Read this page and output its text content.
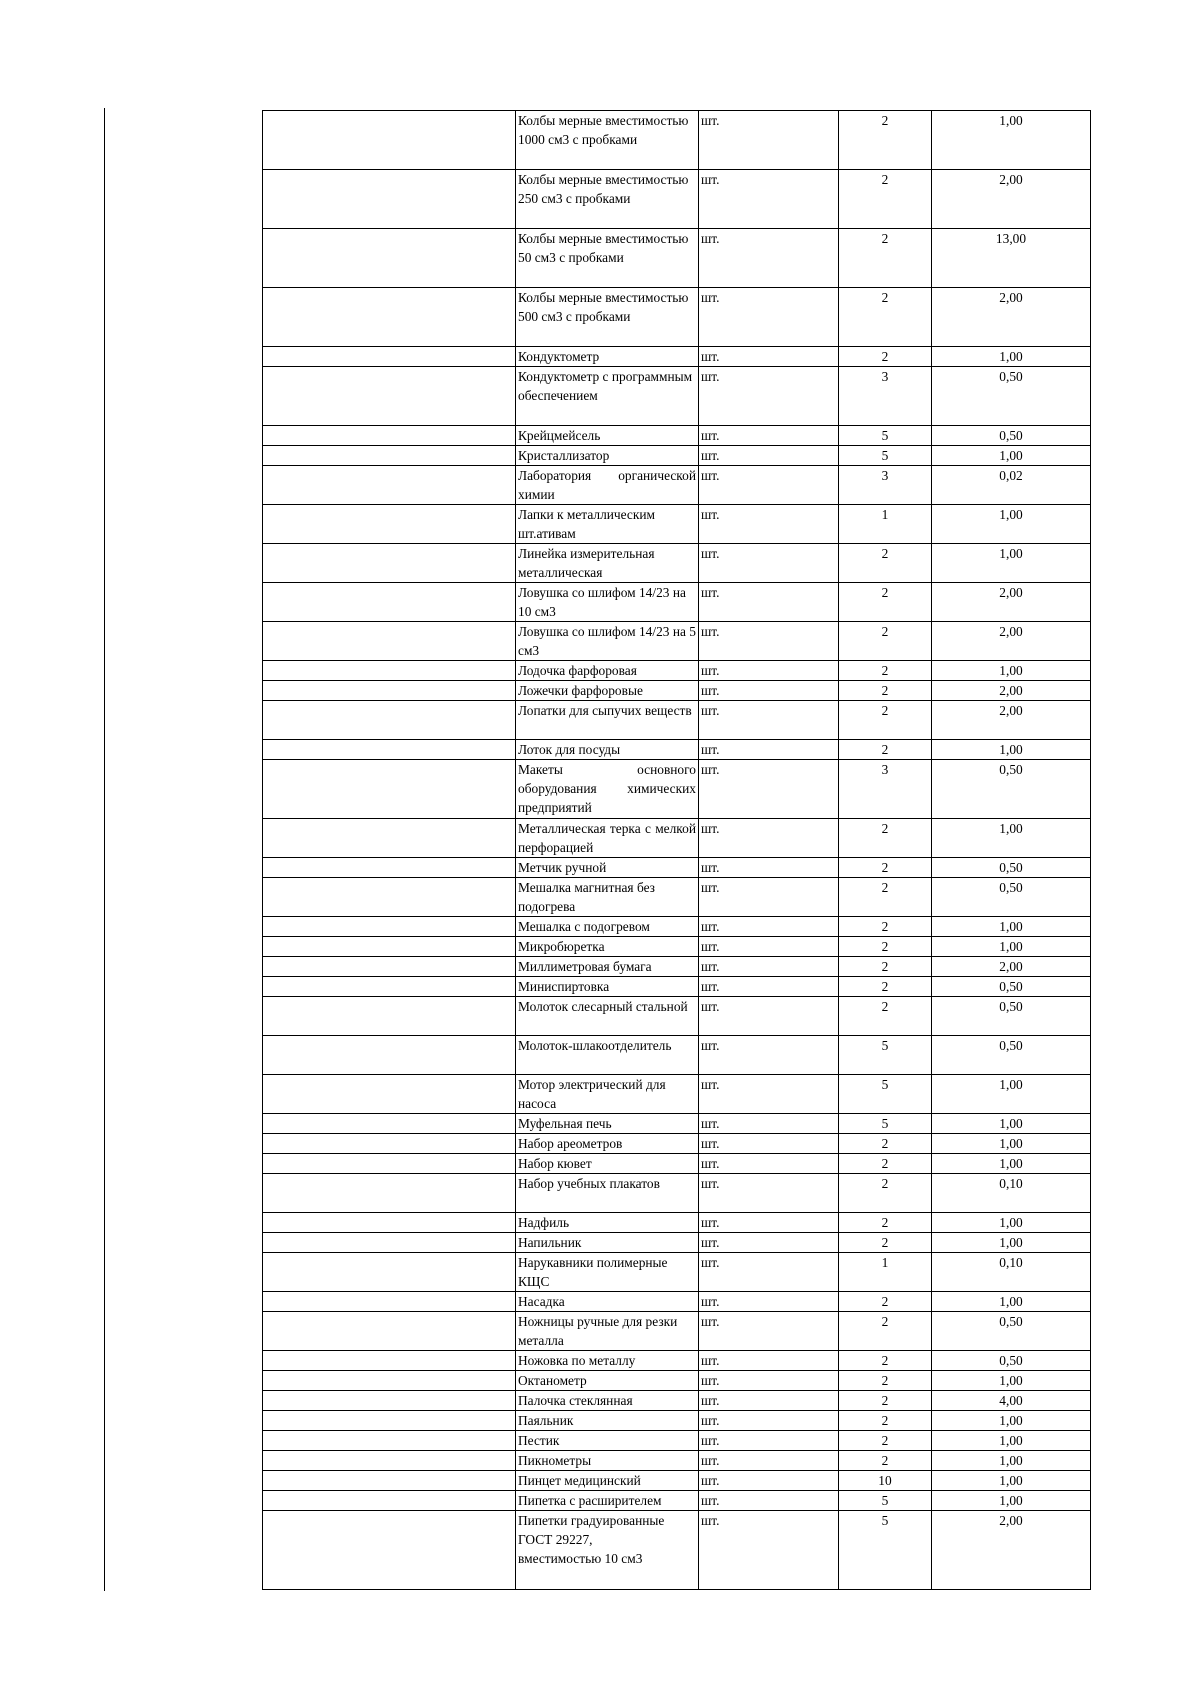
	Колбы мерные вместимостью 1000 см3 с пробками	шт.	2	1,00
	Колбы мерные вместимостью 250 см3 с пробками	шт.	2	2,00
	Колбы мерные вместимостью 50 см3 с пробками	шт.	2	13,00
	Колбы мерные вместимостью 500 см3 с пробками	шт.	2	2,00
	Кондуктометр	шт.	2	1,00
	Кондуктометр с программным обеспечением	шт.	3	0,50
	Крейцмейсель	шт.	5	0,50
	Кристаллизатор	шт.	5	1,00
	Лаборатория органической химии	шт.	3	0,02
	Лапки к металлическим шт.ативам	шт.	1	1,00
	Линейка измерительная металлическая	шт.	2	1,00
	Ловушка со шлифом 14/23 на 10 см3	шт.	2	2,00
	Ловушка со шлифом 14/23 на 5 см3	шт.	2	2,00
	Лодочка фарфоровая	шт.	2	1,00
	Ложечки фарфоровые	шт.	2	2,00
	Лопатки для сыпучих веществ	шт.	2	2,00
	Лоток для посуды	шт.	2	1,00
	Макеты основного оборудования химических предприятий	шт.	3	0,50
	Металлическая терка с мелкой перфорацией	шт.	2	1,00
	Метчик ручной	шт.	2	0,50
	Мешалка магнитная без подогрева	шт.	2	0,50
	Мешалка с подогревом	шт.	2	1,00
	Микробюретка	шт.	2	1,00
	Миллиметровая бумага	шт.	2	2,00
	Миниспиртовка	шт.	2	0,50
	Молоток слесарный стальной	шт.	2	0,50
	Молоток-шлакоотделитель	шт.	5	0,50
	Мотор электрический для насоса	шт.	5	1,00
	Муфельная печь	шт.	5	1,00
	Набор ареометров	шт.	2	1,00
	Набор кювет	шт.	2	1,00
	Набор учебных плакатов	шт.	2	0,10
	Надфиль	шт.	2	1,00
	Напильник	шт.	2	1,00
	Нарукавники полимерные КЩС	шт.	1	0,10
	Насадка	шт.	2	1,00
	Ножницы ручные для резки металла	шт.	2	0,50
	Ножовка по металлу	шт.	2	0,50
	Октанометр	шт.	2	1,00
	Палочка стеклянная	шт.	2	4,00
	Паяльник	шт.	2	1,00
	Пестик	шт.	2	1,00
	Пикнометры	шт.	2	1,00
	Пинцет медицинский	шт.	10	1,00
	Пипетка с расширителем	шт.	5	1,00

	Пипетки градуированные
ГОСТ 29227,
вместимостью 10 см3	шт.	5	2,00
